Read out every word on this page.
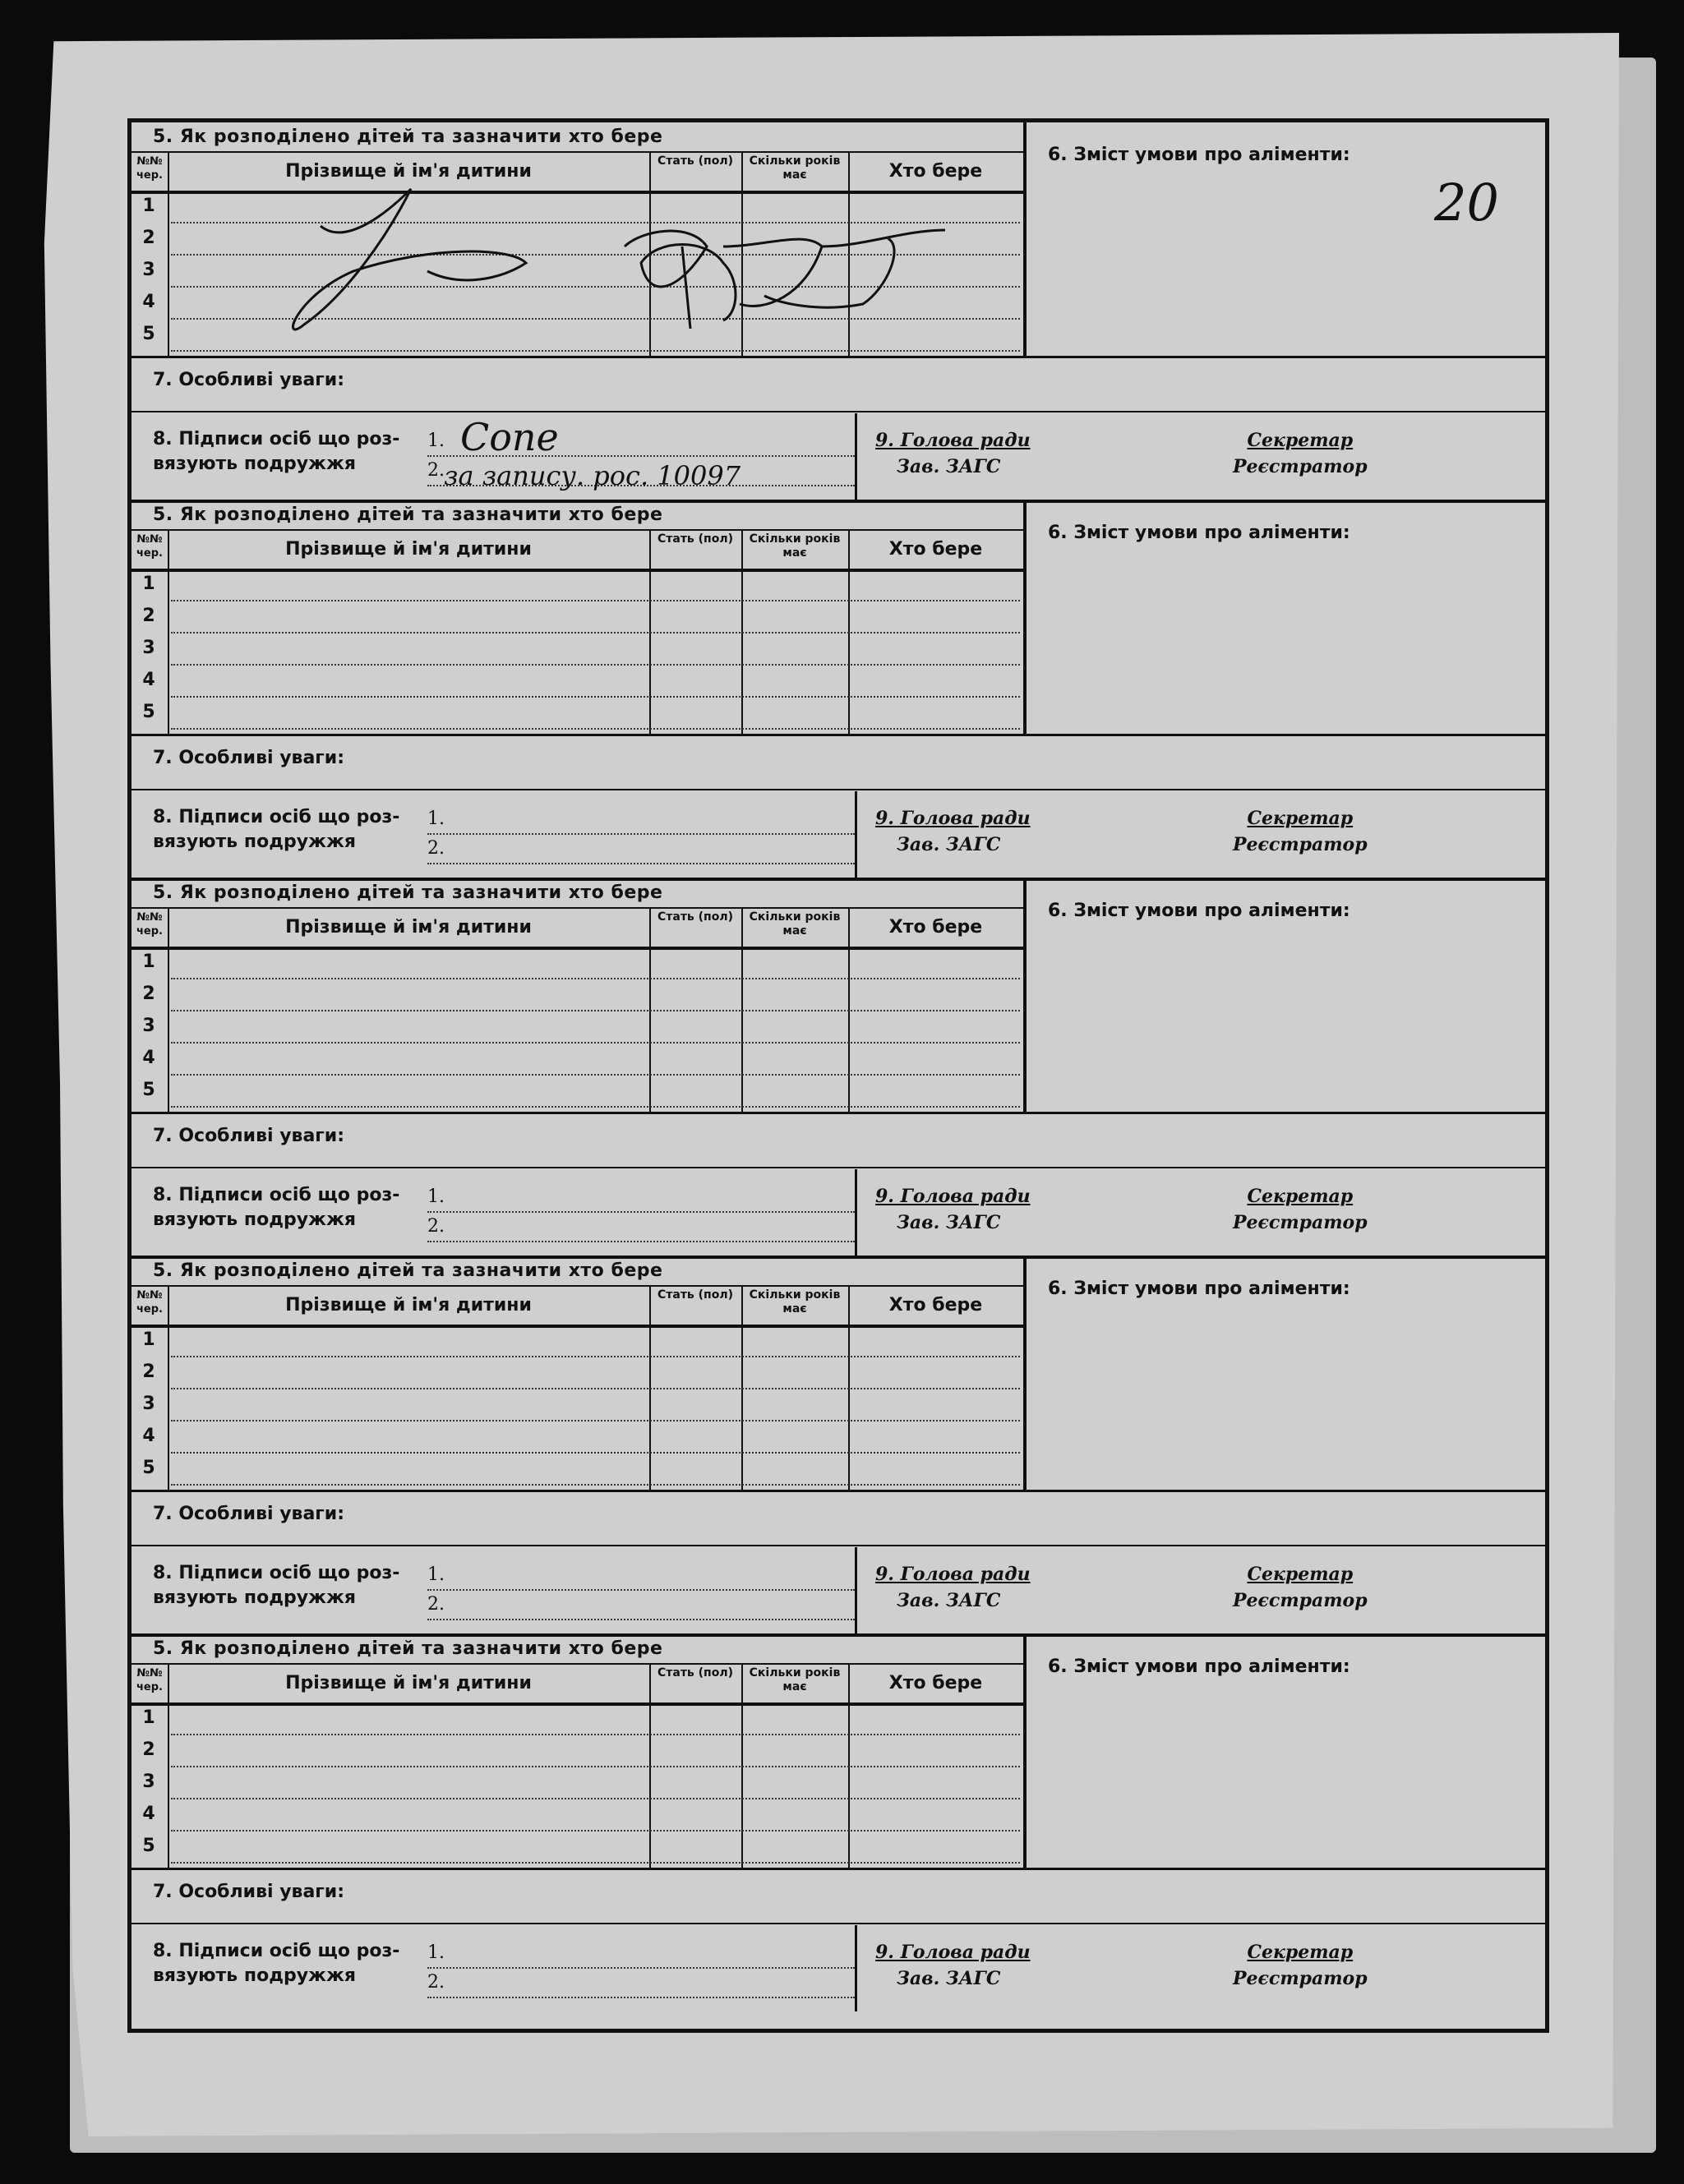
20
5. Як розподілено дітей та зазначити хто бере
№№ чер.	Прізвище й ім'я дитини	Стать (пол)	Скільки років має	Хто бере
1
2
3
4
5
6. Зміст умови про аліменти:
7. Особливі уваги:
8. Підписи осіб що роз-
вязують подружжя
1.
2.
9. Голова ради
Зав. ЗАГС
Секретар
Реєстратор
5. Як розподілено дітей та зазначити хто бере
№№ чер.	Прізвище й ім'я дитини	Стать (пол)	Скільки років має	Хто бере
1
2
3
4
5
6. Зміст умови про аліменти:
7. Особливі уваги:
8. Підписи осіб що роз-
вязують подружжя
1.
2.
9. Голова ради
Зав. ЗАГС
Секретар
Реєстратор
5. Як розподілено дітей та зазначити хто бере
№№ чер.	Прізвище й ім'я дитини	Стать (пол)	Скільки років має	Хто бере
1
2
3
4
5
6. Зміст умови про аліменти:
7. Особливі уваги:
8. Підписи осіб що роз-
вязують подружжя
1.
2.
9. Голова ради
Зав. ЗАГС
Секретар
Реєстратор
5. Як розподілено дітей та зазначити хто бере
№№ чер.	Прізвище й ім'я дитини	Стать (пол)	Скільки років має	Хто бере
1
2
3
4
5
6. Зміст умови про аліменти:
7. Особливі уваги:
8. Підписи осіб що роз-
вязують подружжя
1.
2.
9. Голова ради
Зав. ЗАГС
Секретар
Реєстратор
5. Як розподілено дітей та зазначити хто бере
№№ чер.	Прізвище й ім'я дитини	Стать (пол)	Скільки років має	Хто бере
1
2
3
4
5
6. Зміст умови про аліменти:
7. Особливі уваги:
8. Підписи осіб що роз-
вязують подружжя
1.
2.
9. Голова ради
Зав. ЗАГС
Секретар
Реєстратор
Cone
за запису. рос. 10097
